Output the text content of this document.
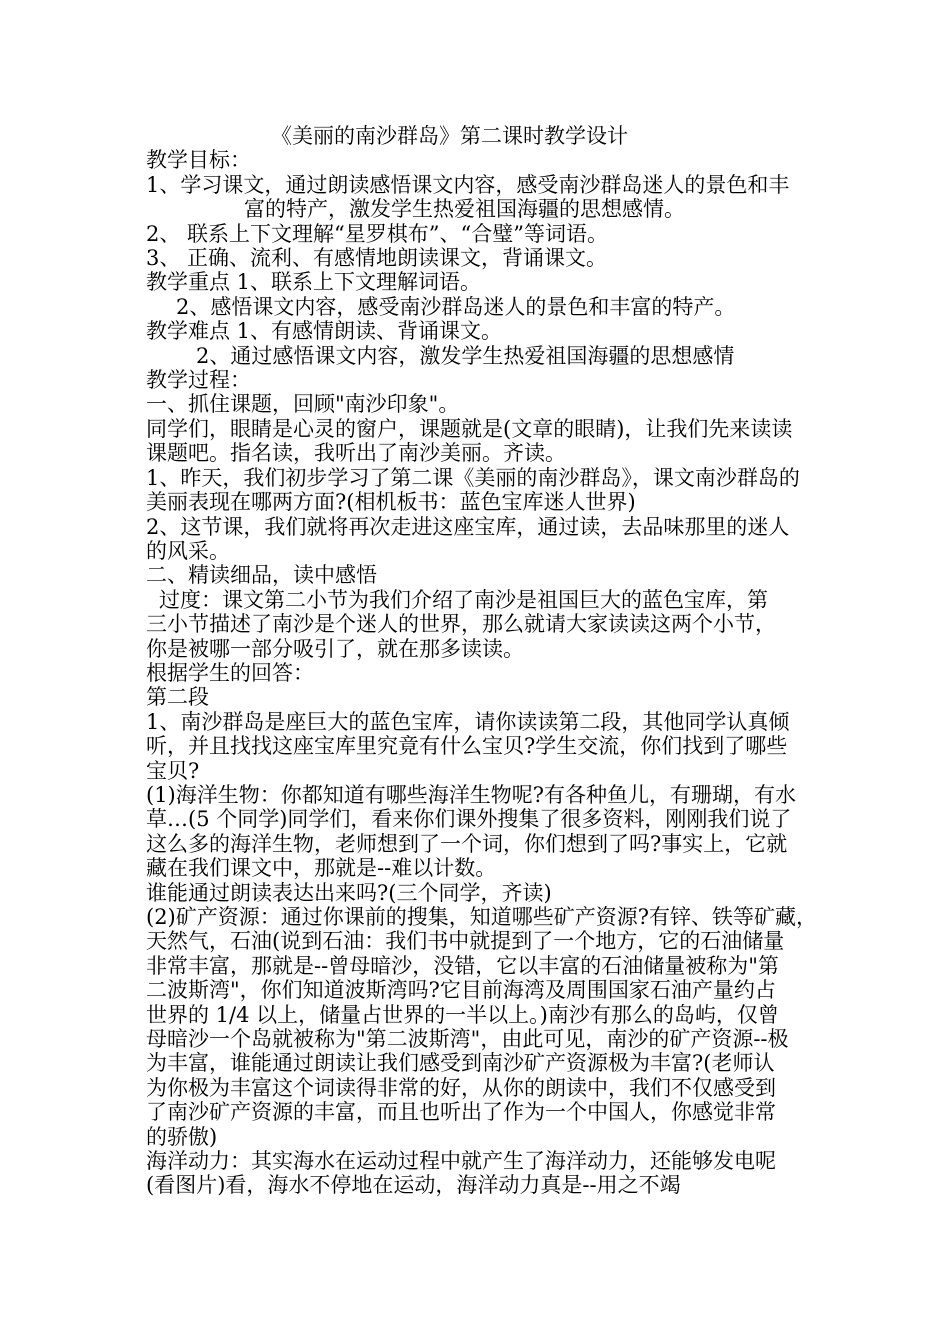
《美丽的南沙群岛》第二课时教学设计
教学目标：
1、学习课文，通过朗读感悟课文内容，感受南沙群岛迷人的景色和丰
富的特产，激发学生热爱祖国海疆的思想感情。
2、 联系上下文理解“星罗棋布”、“合璧”等词语。
3、 正确、流利、有感情地朗读课文，背诵课文。
教学重点 1、联系上下文理解词语。
2、感悟课文内容，感受南沙群岛迷人的景色和丰富的特产。
教学难点 1、有感情朗读、背诵课文。
2、通过感悟课文内容，激发学生热爱祖国海疆的思想感情
教学过程：
一、抓住课题，回顾"南沙印象"。
同学们，眼睛是心灵的窗户，课题就是(文章的眼睛)，让我们先来读读
课题吧。指名读，我听出了南沙美丽。齐读。
1、昨天，我们初步学习了第二课《美丽的南沙群岛》，课文南沙群岛的
美丽表现在哪两方面?(相机板书：蓝色宝库迷人世界)
2、这节课，我们就将再次走进这座宝库，通过读，去品味那里的迷人
的风采。
二、精读细品，读中感悟
过度：课文第二小节为我们介绍了南沙是祖国巨大的蓝色宝库，第
三小节描述了南沙是个迷人的世界，那么就请大家读读这两个小节，
你是被哪一部分吸引了，就在那多读读。
根据学生的回答：
第二段
1、南沙群岛是座巨大的蓝色宝库，请你读读第二段，其他同学认真倾
听，并且找找这座宝库里究竟有什么宝贝?学生交流，你们找到了哪些
宝贝?
(1)海洋生物：你都知道有哪些海洋生物呢?有各种鱼儿，有珊瑚，有水
草…(5 个同学)同学们，看来你们课外搜集了很多资料，刚刚我们说了
这么多的海洋生物，老师想到了一个词，你们想到了吗?事实上，它就
藏在我们课文中，那就是--难以计数。
谁能通过朗读表达出来吗?(三个同学，齐读)
(2)矿产资源：通过你课前的搜集，知道哪些矿产资源?有锌、铁等矿藏，
天然气，石油(说到石油：我们书中就提到了一个地方，它的石油储量
非常丰富，那就是--曾母暗沙，没错，它以丰富的石油储量被称为"第
二波斯湾"，你们知道波斯湾吗?它目前海湾及周围国家石油产量约占
世界的 1/4 以上，储量占世界的一半以上。)南沙有那么的岛屿，仅曾
母暗沙一个岛就被称为"第二波斯湾"，由此可见，南沙的矿产资源--极
为丰富，谁能通过朗读让我们感受到南沙矿产资源极为丰富?(老师认
为你极为丰富这个词读得非常的好，从你的朗读中，我们不仅感受到
了南沙矿产资源的丰富，而且也听出了作为一个中国人，你感觉非常
的骄傲)
海洋动力：其实海水在运动过程中就产生了海洋动力，还能够发电呢
(看图片)看，海水不停地在运动，海洋动力真是--用之不竭
